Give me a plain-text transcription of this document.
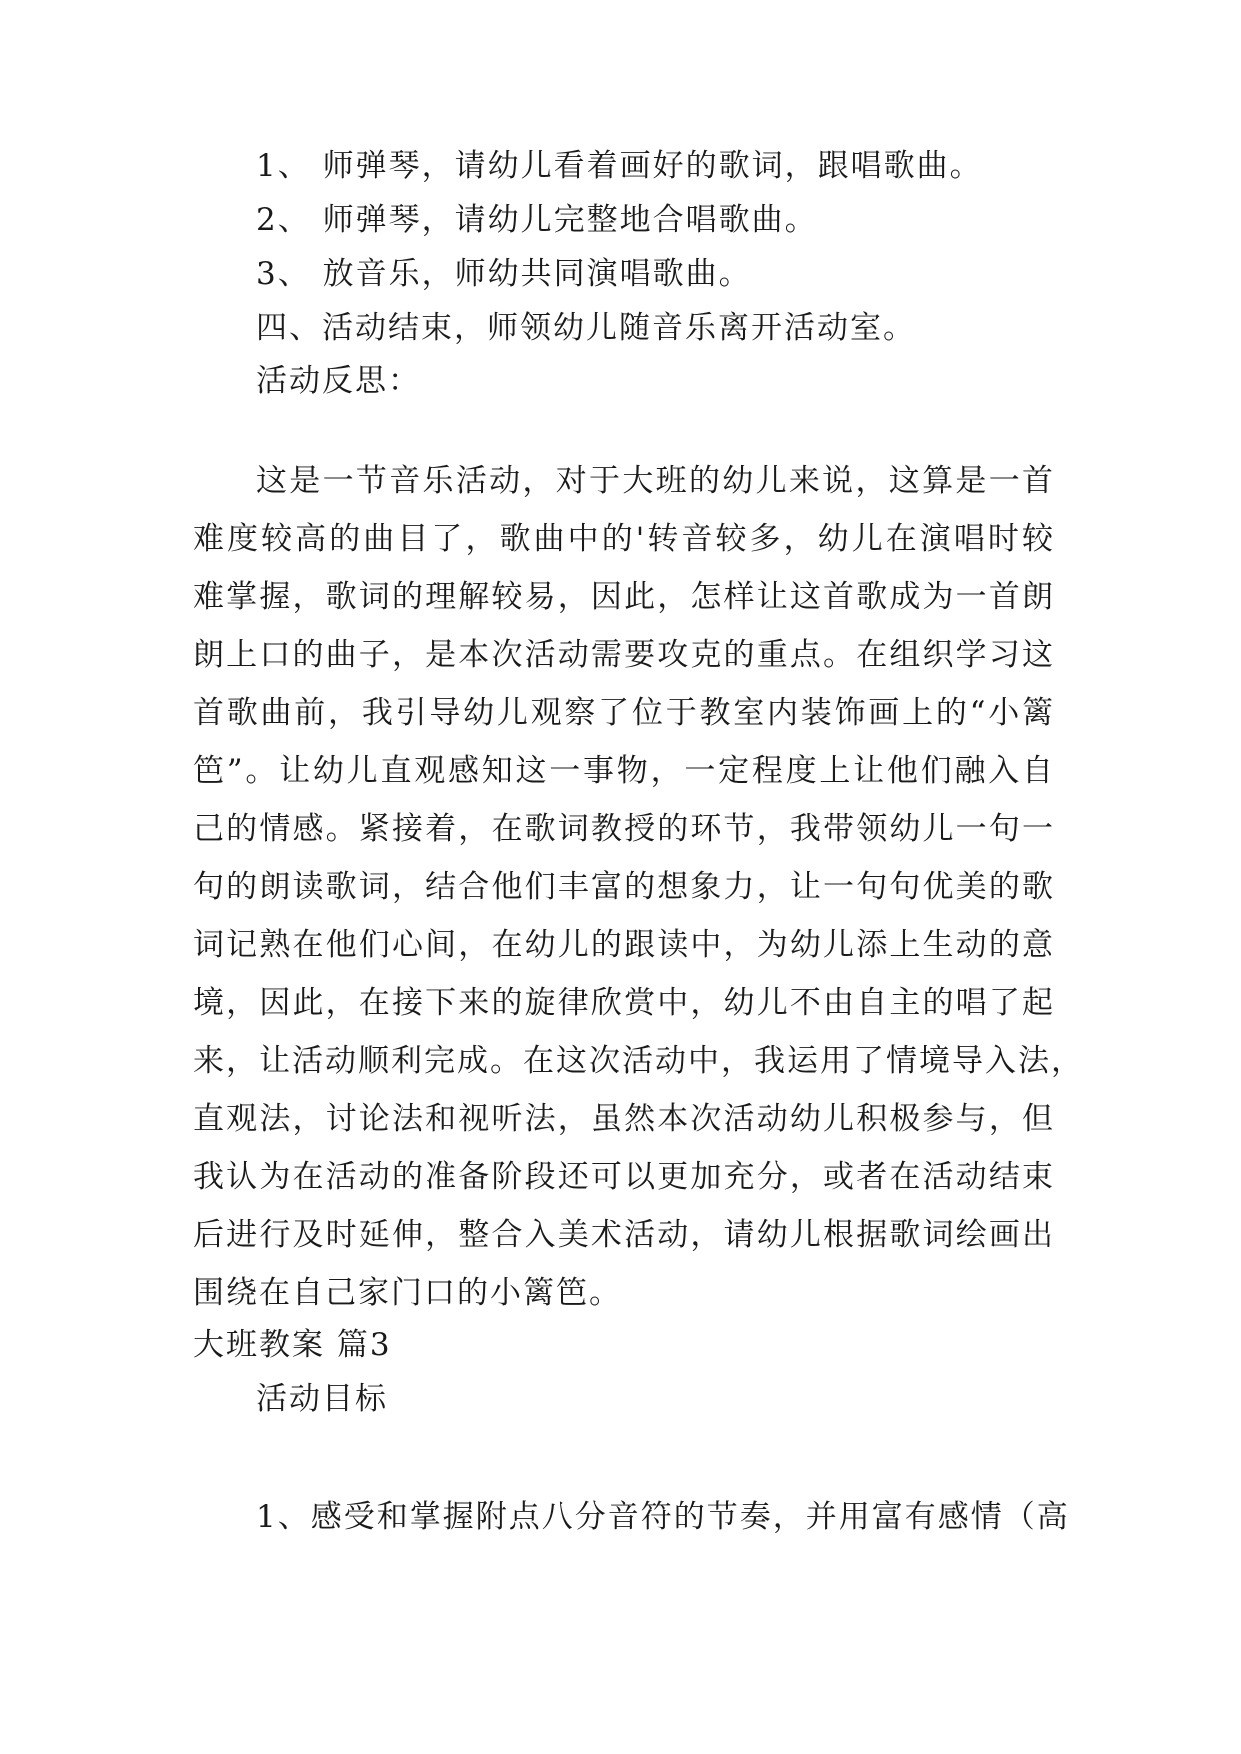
1、 师弹琴，请幼儿看着画好的歌词，跟唱歌曲。
2、 师弹琴，请幼儿完整地合唱歌曲。
3、 放音乐，师幼共同演唱歌曲。
四、活动结束，师领幼儿随音乐离开活动室。
活动反思：
这是一节音乐活动，对于大班的幼儿来说，这算是一首
难度较高的曲目了，歌曲中的'转音较多，幼儿在演唱时较
难掌握，歌词的理解较易，因此，怎样让这首歌成为一首朗
朗上口的曲子，是本次活动需要攻克的重点。在组织学习这
首歌曲前，我引导幼儿观察了位于教室内装饰画上的“小篱
笆”。让幼儿直观感知这一事物，一定程度上让他们融入自
己的情感。紧接着，在歌词教授的环节，我带领幼儿一句一
句的朗读歌词，结合他们丰富的想象力，让一句句优美的歌
词记熟在他们心间，在幼儿的跟读中，为幼儿添上生动的意
境，因此，在接下来的旋律欣赏中，幼儿不由自主的唱了起
来，让活动顺利完成。在这次活动中，我运用了情境导入法，
直观法，讨论法和视听法，虽然本次活动幼儿积极参与，但
我认为在活动的准备阶段还可以更加充分，或者在活动结束
后进行及时延伸，整合入美术活动，请幼儿根据歌词绘画出
围绕在自己家门口的小篱笆。
大班教案 篇3
活动目标
1、感受和掌握附点八分音符的节奏，并用富有感情（高
